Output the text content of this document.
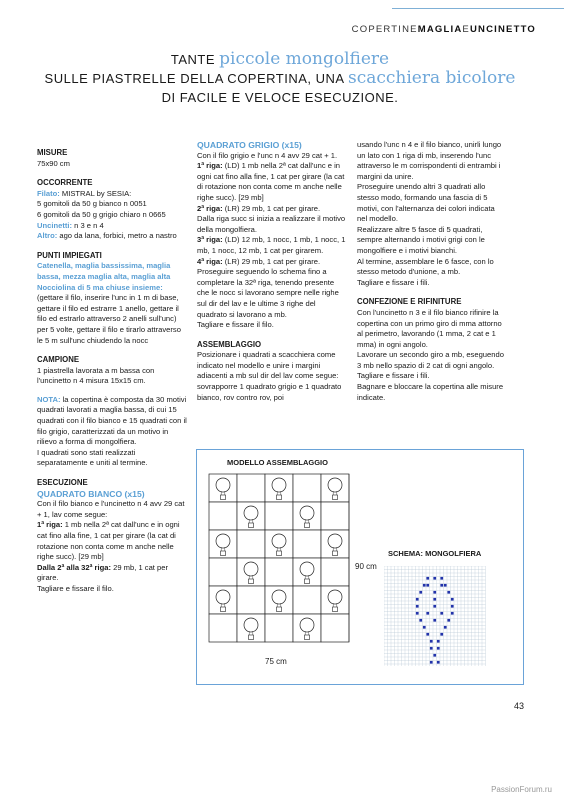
COPERTINEMAGLIAEUNCINETTO
TANTE piccole mongolfiere
SULLE PIASTRELLE DELLA COPERTINA, UNA scacchiera bicolore
DI FACILE E VELOCE ESECUZIONE.
MISURE

75x90 cm

OCCORRENTE

Filato: MISTRAL by SESIA:

5 gomitoli da 50 g bianco n 0051

6 gomitoli da 50 g grigio chiaro n 0665

Uncinetti: n 3 e n 4

Altro: ago da lana, forbici, metro a nastro

PUNTI IMPIEGATI

Catenella, maglia bassissima, maglia bassa, mezza maglia alta, maglia alta

Nocciolina di 5 ma chiuse insieme: (gettare il filo, inserire l'unc in 1 m di base, gettare il filo ed estrarre 1 anello, gettare il filo ed estrarlo attraverso 2 anelli sull'unc) per 5 volte, gettare il filo e tirarlo attraverso le 5 m sull'unc chiudendo la nocc

CAMPIONE

1 piastrella lavorata a m bassa con l'uncinetto n 4 misura 15x15 cm.

NOTA: la copertina è composta da 30 motivi quadrati lavorati a maglia bassa, di cui 15 quadrati con il filo bianco e 15 quadrati con il filo grigio, caratterizzati da un motivo in rilievo a forma di mongolfiera.

I quadrati sono stati realizzati separatamente e uniti al termine.

ESECUZIONE

QUADRATO BIANCO (x15)

Con il filo bianco e l'uncinetto n 4 avv 29 cat + 1, lav come segue:

1ª riga: 1 mb nella 2ª cat dall'unc e in ogni cat fino alla fine, 1 cat per girare (la cat di rotazione non conta come m anche nelle righe succ). [29 mb]

Dalla 2ª alla 32ª riga: 29 mb, 1 cat per girare.

Tagliare e fissare il filo.

QUADRATO GRIGIO (x15)

Con il filo grigio e l'unc n 4 avv 29 cat + 1.

1ª riga: (LD) 1 mb nella 2ª cat dall'unc e in ogni cat fino alla fine, 1 cat per girare (la cat di rotazione non conta come m anche nelle righe succ). [29 mb]

2ª riga: (LR) 29 mb, 1 cat per girare.

Dalla riga succ si inizia a realizzare il motivo della mongolfiera.

3ª riga: (LD) 12 mb, 1 nocc, 1 mb, 1 nocc, 1 mb, 1 nocc, 12 mb, 1 cat per girarem.

4ª riga: (LR) 29 mb, 1 cat per girare.

Proseguire seguendo lo schema fino a completare la 32ª riga, tenendo presente che le nocc si lavorano sempre nelle righe sul dir del lav e le ultime 3 righe del quadrato si lavorano a mb.

Tagliare e fissare il filo.

ASSEMBLAGGIO

Posizionare i quadrati a scacchiera come indicato nel modello e unire i margini adiacenti a mb sul dir del lav come segue: sovrapporre 1 quadrato grigio e 1 quadrato bianco, rov contro rov, poi

usando l'unc n 4 e il filo bianco, unirli lungo un lato con 1 riga di mb, inserendo l'unc attraverso le m corrispondenti di entrambi i margini da unire.

Proseguire unendo altri 3 quadrati allo stesso modo, formando una fascia di 5 motivi, con l'alternanza dei colori indicata nel modello.

Realizzare altre 5 fasce di 5 quadrati, sempre alternando i motivi grigi con le mongolfiere e i motivi bianchi.

Al termine, assemblare le 6 fasce, con lo stesso metodo d'unione, a mb.

Tagliare e fissare i fili.

CONFEZIONE E RIFINITURE

Con l'uncinetto n 3 e il filo bianco rifinire la copertina con un primo giro di mma attorno al perimetro, lavorando (1 mma, 2 cat e 1 mma) in ogni angolo.

Lavorare un secondo giro a mb, eseguendo 3 mb nello spazio di 2 cat di ogni angolo.

Tagliare e fissare i fili.

Bagnare e bloccare la copertina alle misure indicate.

MODELLO ASSEMBLAGGIO
90 cm
75 cm
SCHEMA: MONGOLFIERA
43
PassionForum.ru
